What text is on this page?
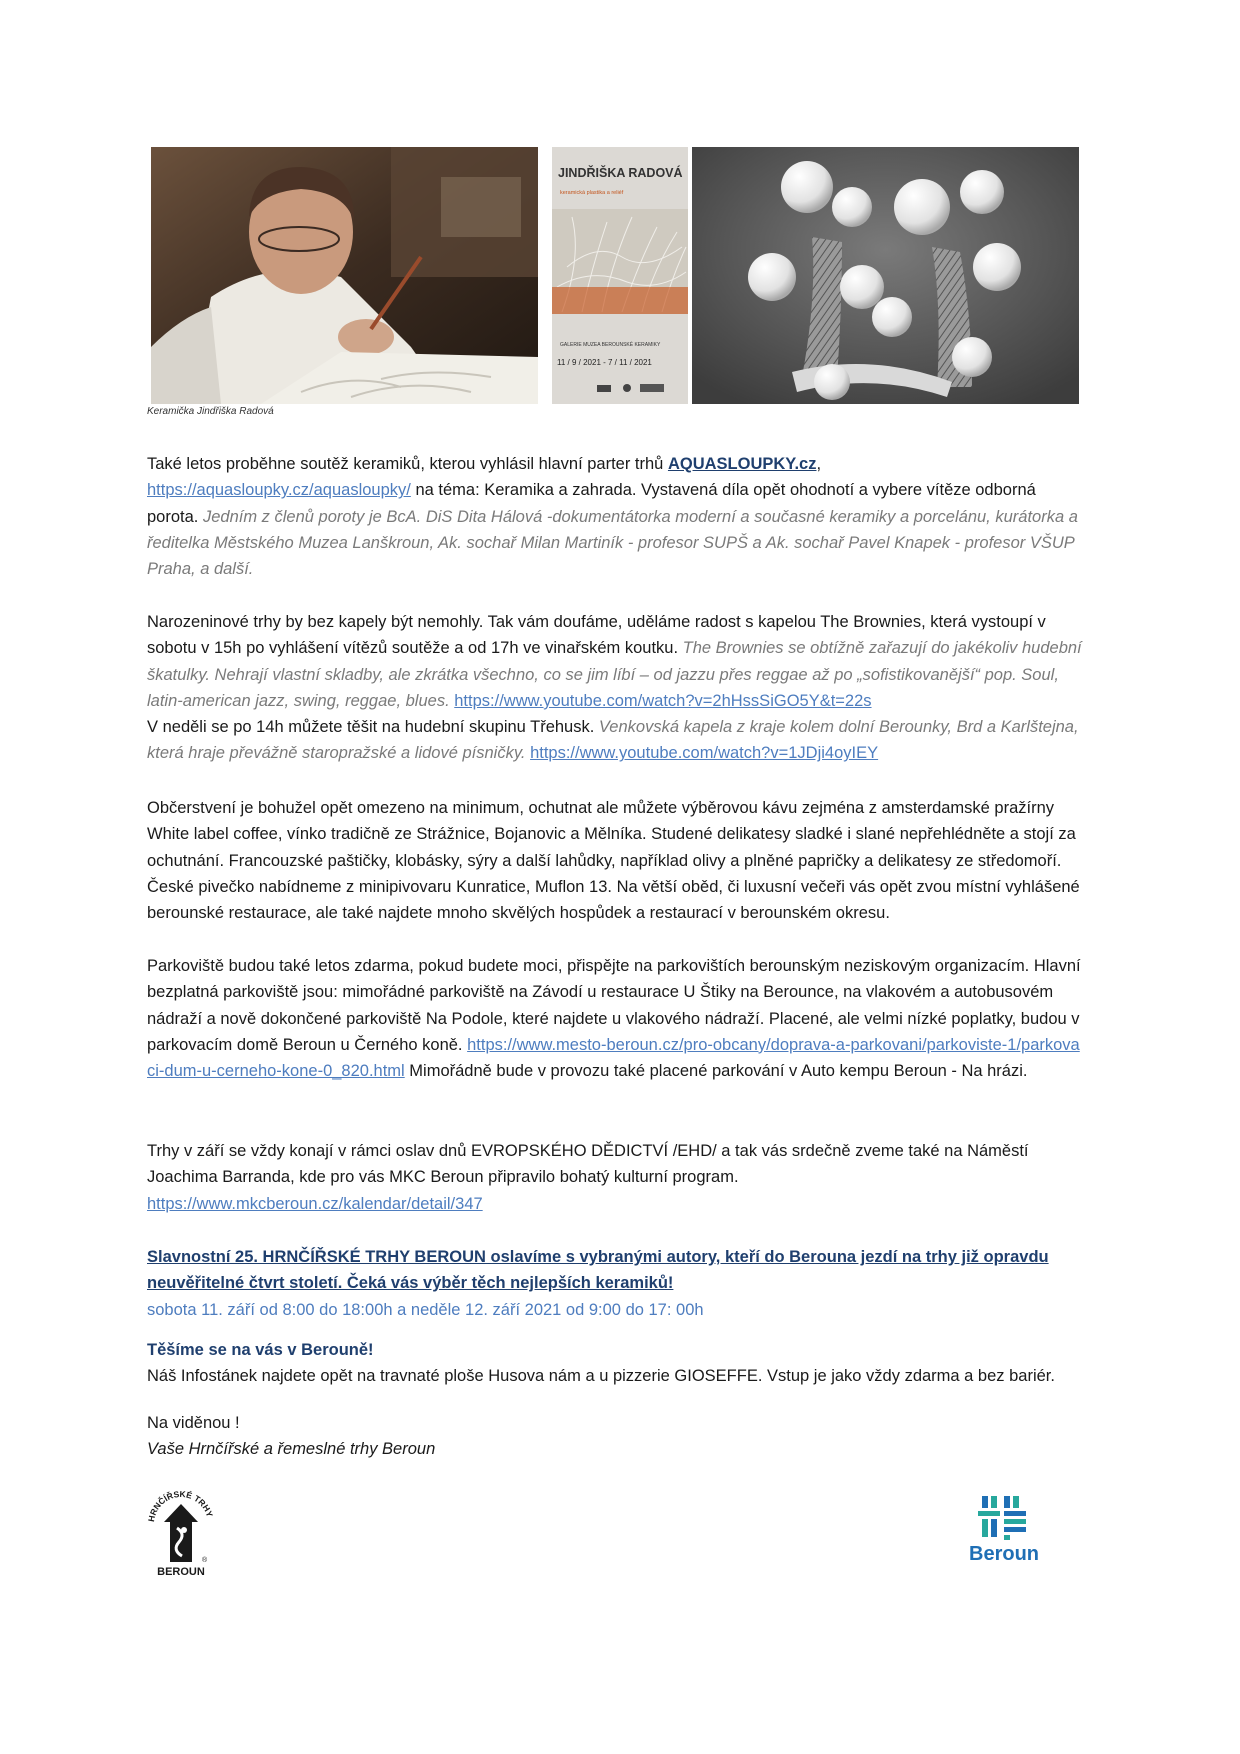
JINDŘIŠKA RADOVÁ
keramická plastika a reliéf
GALERIE MUZEA BEROUNSKÉ KERAMIKY
11 / 9 / 2021 - 7 / 11 / 2021
Keramička Jindřiška Radová

Také letos proběhne soutěž keramiků, kterou vyhlásil hlavní parter trhů AQUASLOUPKY.cz,
https://aquasloupky.cz/aquasloupky/ na téma: Keramika a zahrada. Vystavená díla opět ohodnotí a vybere vítěze odborná porota. Jedním z členů poroty je BcA. DiS Dita Hálová -dokumentátorka moderní a současné keramiky a porcelánu, kurátorka a ředitelka Městského Muzea Lanškroun, Ak. sochař Milan Martiník - profesor SUPŠ a Ak. sochař Pavel Knapek - profesor VŠUP Praha, a další.

Narozeninové trhy by bez kapely být nemohly. Tak vám doufáme, uděláme radost s kapelou The Brownies, která vystoupí v sobotu v 15h po vyhlášení vítězů soutěže a od 17h ve vinařském koutku. The Brownies se obtížně zařazují do jakékoliv hudební škatulky. Nehrají vlastní skladby, ale zkrátka všechno, co se jim líbí – od jazzu přes reggae až po „sofistikovanější“ pop. Soul, latin-american jazz, swing, reggae, blues. https://www.youtube.com/watch?v=2hHssSiGO5Y&t=22s
V neděli se po 14h můžete těšit na hudební skupinu Třehusk. Venkovská kapela z kraje kolem dolní Berounky, Brd a Karlštejna, která hraje převážně staropražské a lidové písničky. https://www.youtube.com/watch?v=1JDji4oyIEY

Občerstvení je bohužel opět omezeno na minimum, ochutnat ale můžete výběrovou kávu zejména z amsterdamské pražírny White label coffee, vínko tradičně ze Strážnice, Bojanovic a Mělníka. Studené delikatesy sladké i slané nepřehlédněte a stojí za ochutnání. Francouzské paštičky, klobásky, sýry a další lahůdky, například olivy a plněné papričky a delikatesy ze středomoří. České pivečko nabídneme z minipivovaru Kunratice, Muflon 13. Na větší oběd, či luxusní večeři vás opět zvou místní vyhlášené berounské restaurace, ale také najdete mnoho skvělých hospůdek a restaurací v berounském okresu.

Parkoviště budou také letos zdarma, pokud budete moci, přispějte na parkovištích berounským neziskovým organizacím. Hlavní bezplatná parkoviště jsou: mimořádné parkoviště na Závodí u restaurace U Štiky na Berounce, na vlakovém a autobusovém nádraží a nově dokončené parkoviště Na Podole, které najdete u vlakového nádraží. Placené, ale velmi nízké poplatky, budou v parkovacím domě Beroun u Černého koně. https://www.mesto-beroun.cz/pro-obcany/doprava-a-parkovani/parkoviste-1/parkovaci-dum-u-cerneho-kone-0_820.html Mimořádně bude v provozu také placené parkování v Auto kempu Beroun - Na hrázi.

Trhy v září se vždy konají v rámci oslav dnů EVROPSKÉHO DĚDICTVÍ /EHD/ a tak vás srdečně zveme také na Náměstí Joachima Barranda, kde pro vás MKC Beroun připravilo bohatý kulturní program.
https://www.mkcberoun.cz/kalendar/detail/347

Slavnostní 25. HRNČÍŘSKÉ TRHY BEROUN oslavíme s vybranými autory, kteří do Berouna jezdí na trhy již opravdu neuvěřitelné čtvrt století. Čeká vás výběr těch nejlepších keramiků!
sobota 11. září od 8:00 do 18:00h a neděle 12. září 2021 od 9:00 do 17: 00h

Těšíme se na vás v Berouně!
Náš Infostánek najdete opět na travnaté ploše Husova nám a u pizzerie GIOSEFFE. Vstup je jako vždy zdarma a bez bariér.

Na viděnou !
Vaše Hrnčířské a řemeslné trhy Beroun

HRNČÍŘSKÉ TRHY
®
BEROUN
Beroun
